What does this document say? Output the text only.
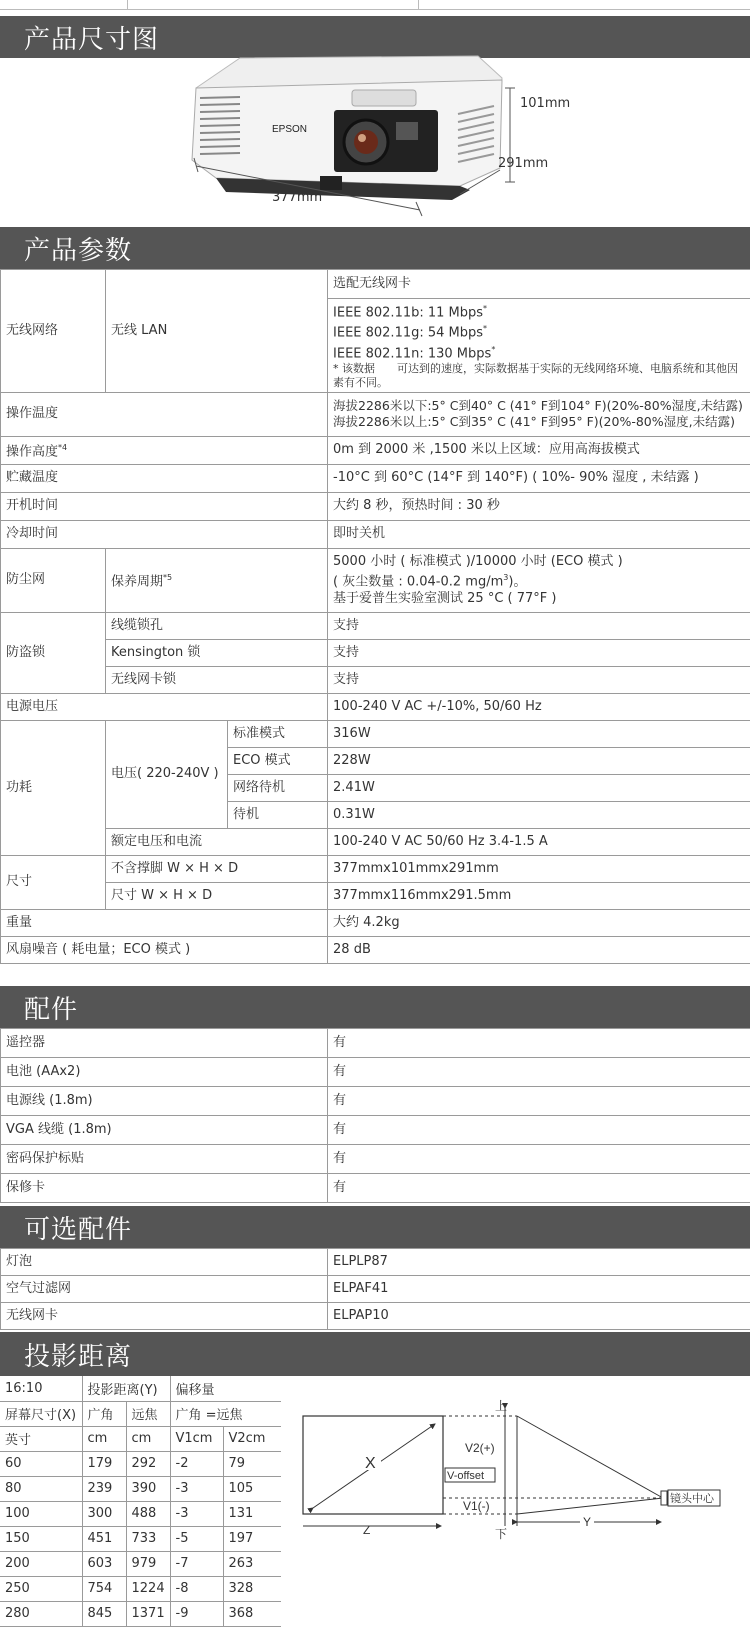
产品尺寸图
EPSON
101mm
291mm
377mm
产品参数
无线网络	无线 LAN		选配无线网卡

			IEEE 802.11b: 11 Mbps*
IEEE 802.11g: 54 Mbps*
IEEE 802.11n: 130 Mbps*
* 该数据　　可达到的速度，实际数据基于实际的无线网络环境、电脑系统和其他因素有不同。

操作温度			海拔2286米以下:5° C到40° C (41° F到104° F)(20%-80%湿度,未结露)
海拔2286米以上:5° C到35° C (41° F到95° F)(20%-80%湿度,未结露)

操作高度$^{*4}$			0m 到 2000 米 ,1500 米以上区域：应用高海拔模式
贮藏温度			-10°C 到 60°C (14°F 到 140°F) ( 10%- 90% 湿度 , 未结露 )
开机时间			大约 8 秒，预热时间 : 30 秒
冷却时间			即时关机
防尘网	保养周期$^{*5}$		5000 小时 ( 标准模式 )/10000 小时 (ECO 模式 )
( 灰尘数量 : 0.04-0.2 $mg/m^3$)。
基于爱普生实验室测试 25 °C ( 77°F )

防盗锁	线缆锁孔		支持
	Kensington 锁		支持
	无线网卡锁		支持
电源电压			100-240 V AC +/-10%, 50/60 Hz
功耗	电压( 220-240V )	标准模式	316W
		ECO 模式	228W
		网络待机	2.41W
		待机	0.31W
	额定电压和电流		100-240 V AC 50/60 Hz 3.4-1.5 A
尺寸	不含撑脚 W × H × D		377mmx101mmx291mm
	尺寸 W × H × D		377mmx116mmx291.5mm
重量			大约 4.2kg
风扇噪音 ( 耗电量；ECO 模式 )			28 dB
配件
遥控器	有
电池 (AAx2)	有
电源线 (1.8m)	有
VGA 线缆 (1.8m)	有
密码保护标贴	有
保修卡	有
可选配件
灯泡	ELPLP87
空气过滤网	ELPAF41
无线网卡	ELPAP10
投影距离
16:10	投影距离(Y)		偏移量	
屏幕尺寸(X)	广角	远焦	广角 =远焦	
英寸	cm	cm	V1cm	V2cm
60	179	292	-2	79
80	239	390	-3	105
100	300	488	-3	131
150	451	733	-5	197
200	603	979	-7	263
250	754	1224	-8	328
280	845	1371	-9	368
X
上
下
V2(+)
V-offset
V1(-)	镜头中心
Z
Y
